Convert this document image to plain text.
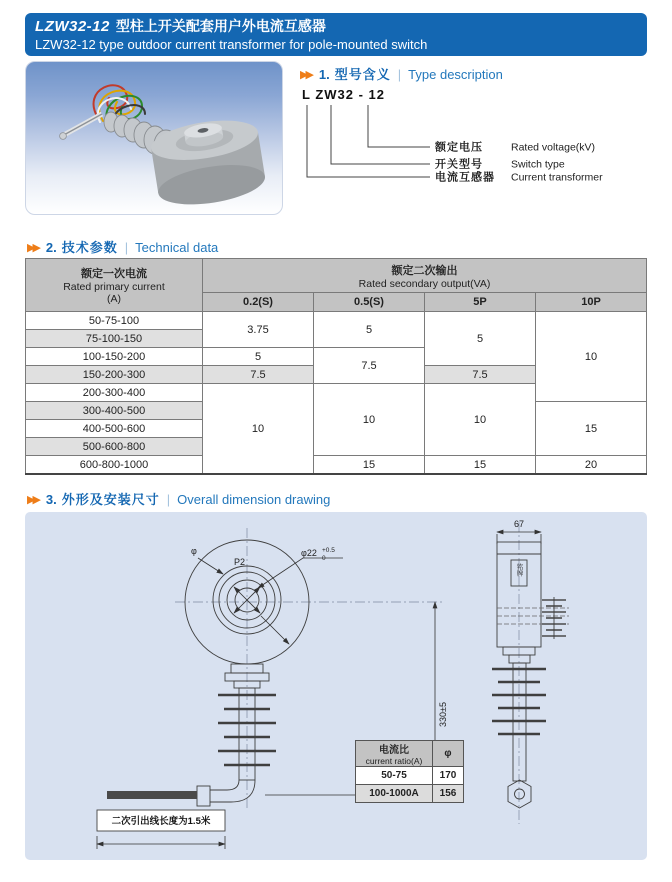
LZW32-12 型柱上开关配套用户外电流互感器
LZW32-12 type outdoor current transformer for pole-mounted switch
▶▶ 1. 型号含义 | Type description
L ZW32 - 12
额定电压	Rated voltage(kV)
开关型号	Switch type
电流互感器 Current transformer
▶▶ 2. 技术参数 | Technical data
额定一次电流
Rated primary current
(A)	额定二次输出
Rated secondary output(VA)			
	0.2(S)	0.5(S)	5P	10P
50-75-100	3.75	5	5	10
75-100-150				
100-150-200	5	7.5		
150-200-300	7.5		7.5	
200-300-400	10	10	10	
300-400-500				15
400-500-600				
500-600-800				
600-800-1000		15	15	20
▶▶ 3. 外形及安装尺寸 | Overall dimension drawing
φ
P2
φ22 +0.5
0
二次引出线长度为1.5米
330±5
67
铭牌
电流比
current ratio(A)	φ
50-75	170
100-1000A	156
